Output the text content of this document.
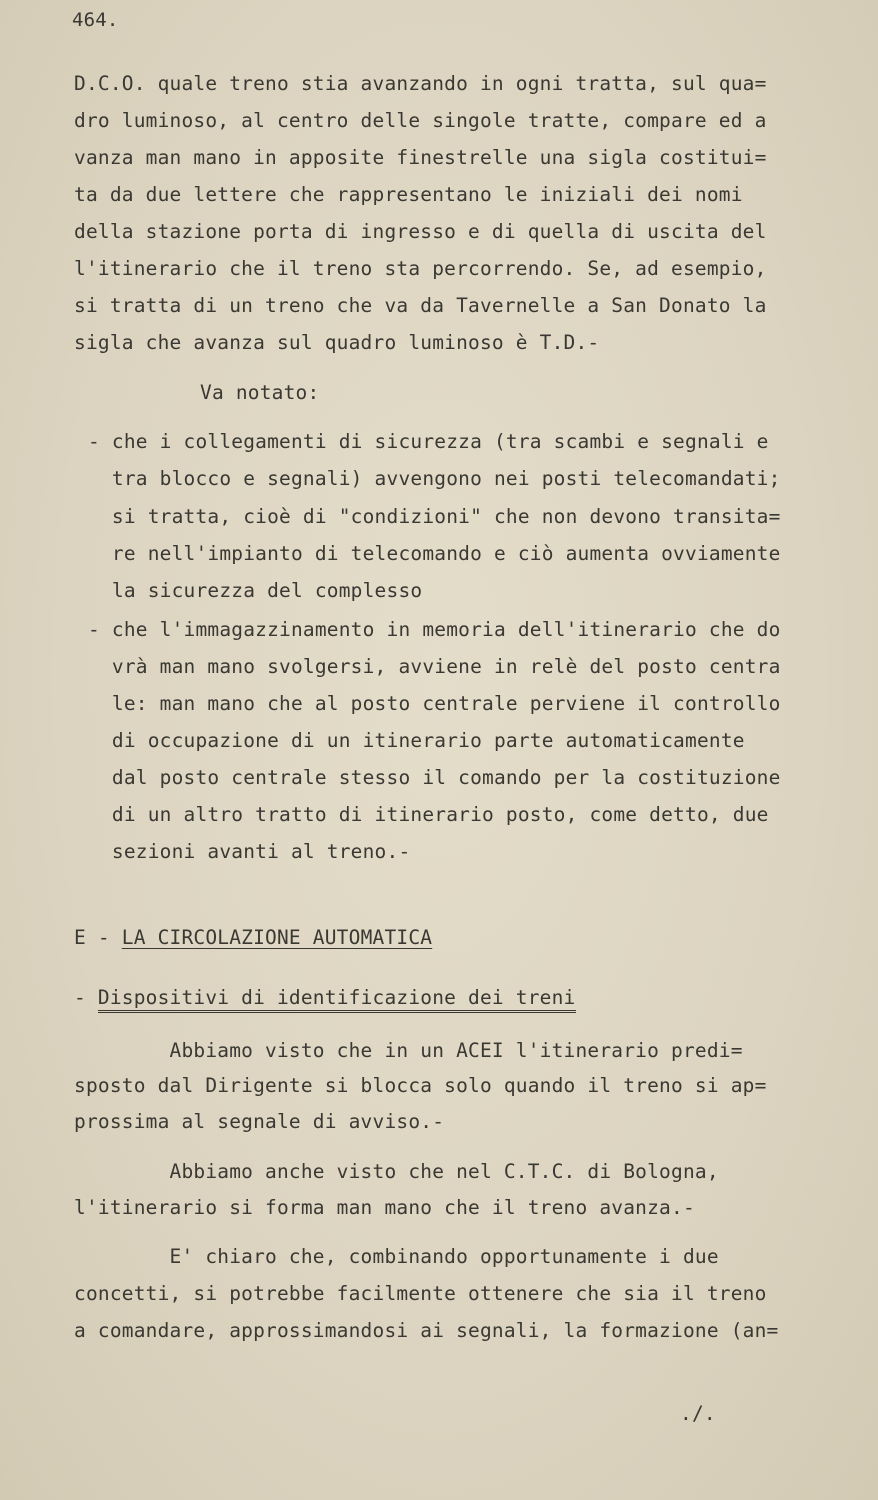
464.
D.C.O. quale treno stia avanzando in ogni tratta, sul qua=
dro luminoso, al centro delle singole tratte, compare ed a
vanza man mano in apposite finestrelle una sigla costitui=
ta da due lettere che rappresentano le iniziali dei nomi
della stazione porta di ingresso e di quella di uscita del
l'itinerario che il treno sta percorrendo. Se, ad esempio,
si tratta di un treno che va da Tavernelle a San Donato la
sigla che avanza sul quadro luminoso è T.D.-
Va notato:
- che i collegamenti di sicurezza (tra scambi e segnali e
tra blocco e segnali) avvengono nei posti telecomandati;
si tratta, cioè di "condizioni" che non devono transita=
re nell'impianto di telecomando e ciò aumenta ovviamente
la sicurezza del complesso
- che l'immagazzinamento in memoria dell'itinerario che do
vrà man mano svolgersi, avviene in relè del posto centra
le: man mano che al posto centrale perviene il controllo
di occupazione di un itinerario parte automaticamente
dal posto centrale stesso il comando per la costituzione
di un altro tratto di itinerario posto, come detto, due
sezioni avanti al treno.-
E - LA CIRCOLAZIONE AUTOMATICA
- Dispositivi di identificazione dei treni
Abbiamo visto che in un ACEI l'itinerario predi=
sposto dal Dirigente si blocca solo quando il treno si ap=
prossima al segnale di avviso.-
Abbiamo anche visto che nel C.T.C. di Bologna,
l'itinerario si forma man mano che il treno avanza.-
E' chiaro che, combinando opportunamente i due
concetti, si potrebbe facilmente ottenere che sia il treno
a comandare, approssimandosi ai segnali, la formazione (an=
./.
